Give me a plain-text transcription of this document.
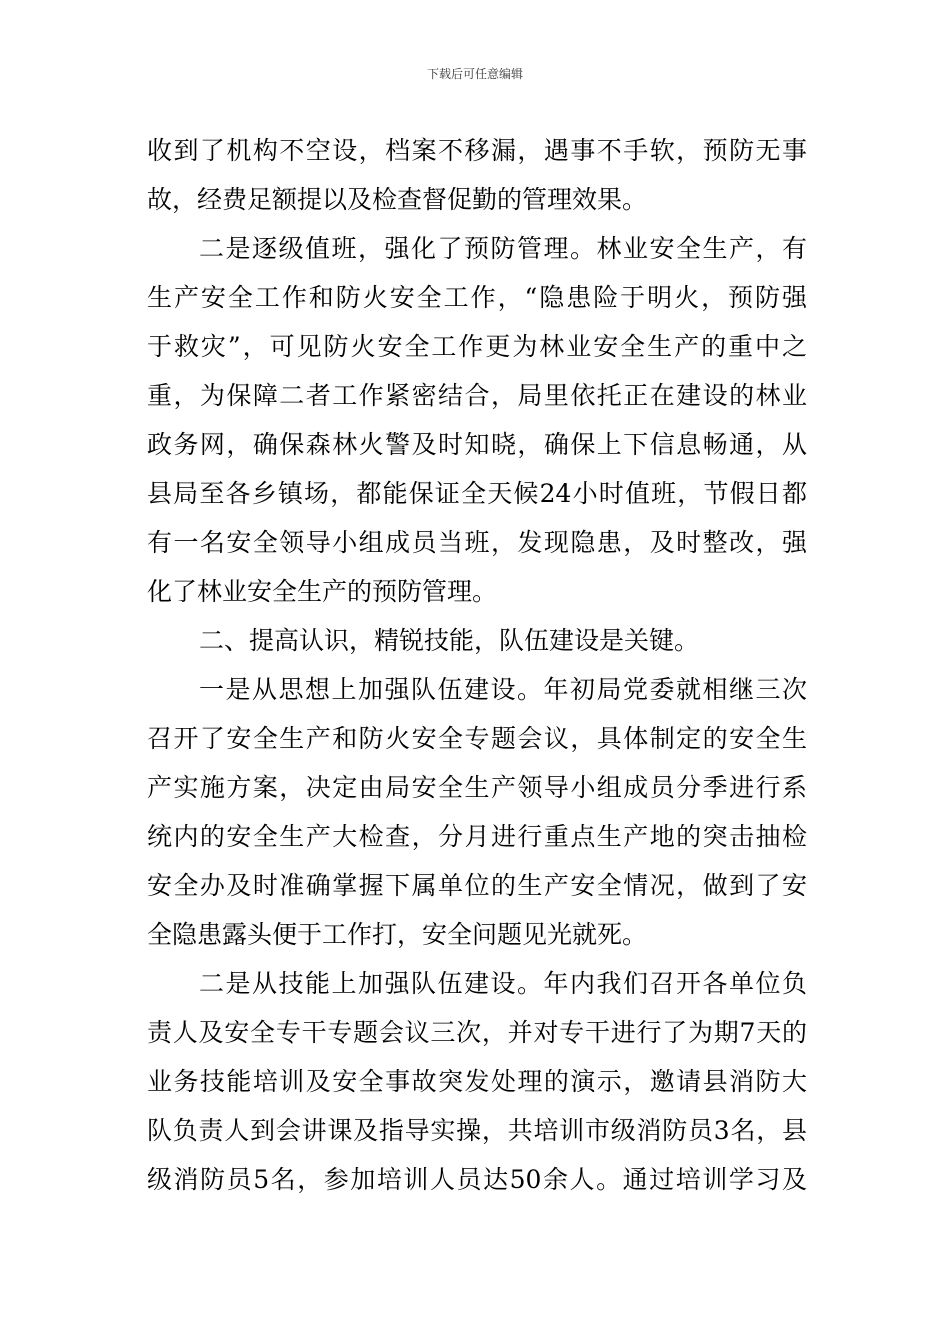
下载后可任意编辑
收到了机构不空设，档案不移漏，遇事不手软，预防无事
故，经费足额提以及检查督促勤的管理效果。
二是逐级值班，强化了预防管理。林业安全生产，有
生产安全工作和防火安全工作，“隐患险于明火，预防强
于救灾”，可见防火安全工作更为林业安全生产的重中之
重，为保障二者工作紧密结合，局里依托正在建设的林业
政务网，确保森林火警及时知晓，确保上下信息畅通，从
县局至各乡镇场，都能保证全天候24小时值班，节假日都
有一名安全领导小组成员当班，发现隐患，及时整改，强
化了林业安全生产的预防管理。
二、提高认识，精锐技能，队伍建设是关键。
一是从思想上加强队伍建设。年初局党委就相继三次
召开了安全生产和防火安全专题会议，具体制定的安全生
产实施方案，决定由局安全生产领导小组成员分季进行系
统内的安全生产大检查，分月进行重点生产地的突击抽检
安全办及时准确掌握下属单位的生产安全情况，做到了安
全隐患露头便于工作打，安全问题见光就死。
二是从技能上加强队伍建设。年内我们召开各单位负
责人及安全专干专题会议三次，并对专干进行了为期7天的
业务技能培训及安全事故突发处理的演示，邀请县消防大
队负责人到会讲课及指导实操，共培训市级消防员3名，县
级消防员5名，参加培训人员达50余人。通过培训学习及
